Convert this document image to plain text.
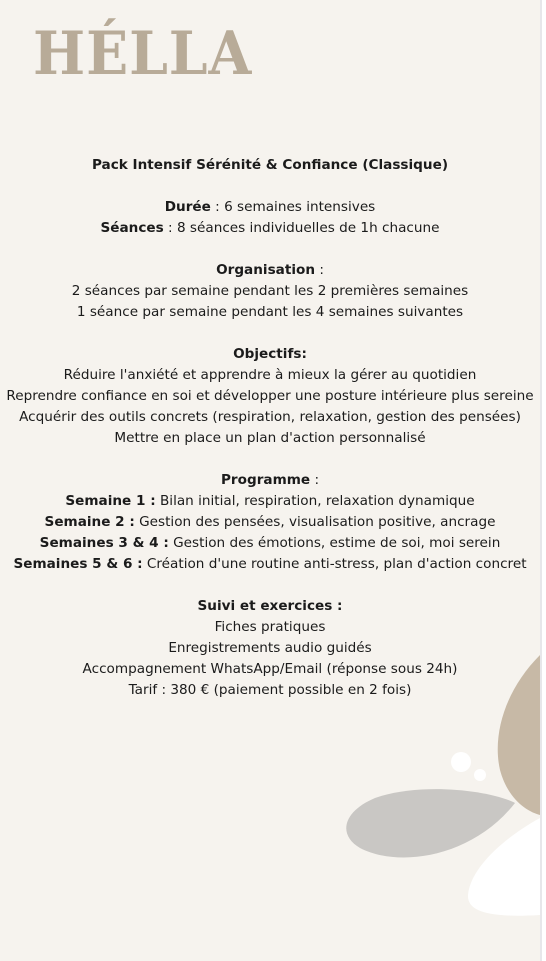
HÉLLA
Pack Intensif Sérénité & Confiance (Classique)
Durée : 6 semaines intensives
Séances : 8 séances individuelles de 1h chacune
Organisation :
2 séances par semaine pendant les 2 premières semaines
1 séance par semaine pendant les 4 semaines suivantes
Objectifs:
Réduire l'anxiété et apprendre à mieux la gérer au quotidien
Reprendre confiance en soi et développer une posture intérieure plus sereine
Acquérir des outils concrets (respiration, relaxation, gestion des pensées) Mettre en place un plan d'action personnalisé
Programme :
Semaine 1 : Bilan initial, respiration, relaxation dynamique
Semaine 2 : Gestion des pensées, visualisation positive, ancrage
Semaines 3 & 4 : Gestion des émotions, estime de soi, moi serein
Semaines 5 & 6 : Création d'une routine anti-stress, plan d'action concret
Suivi et exercices :
Fiches pratiques
Enregistrements audio guidés
Accompagnement WhatsApp/Email (réponse sous 24h)
Tarif : 380 € (paiement possible en 2 fois)
